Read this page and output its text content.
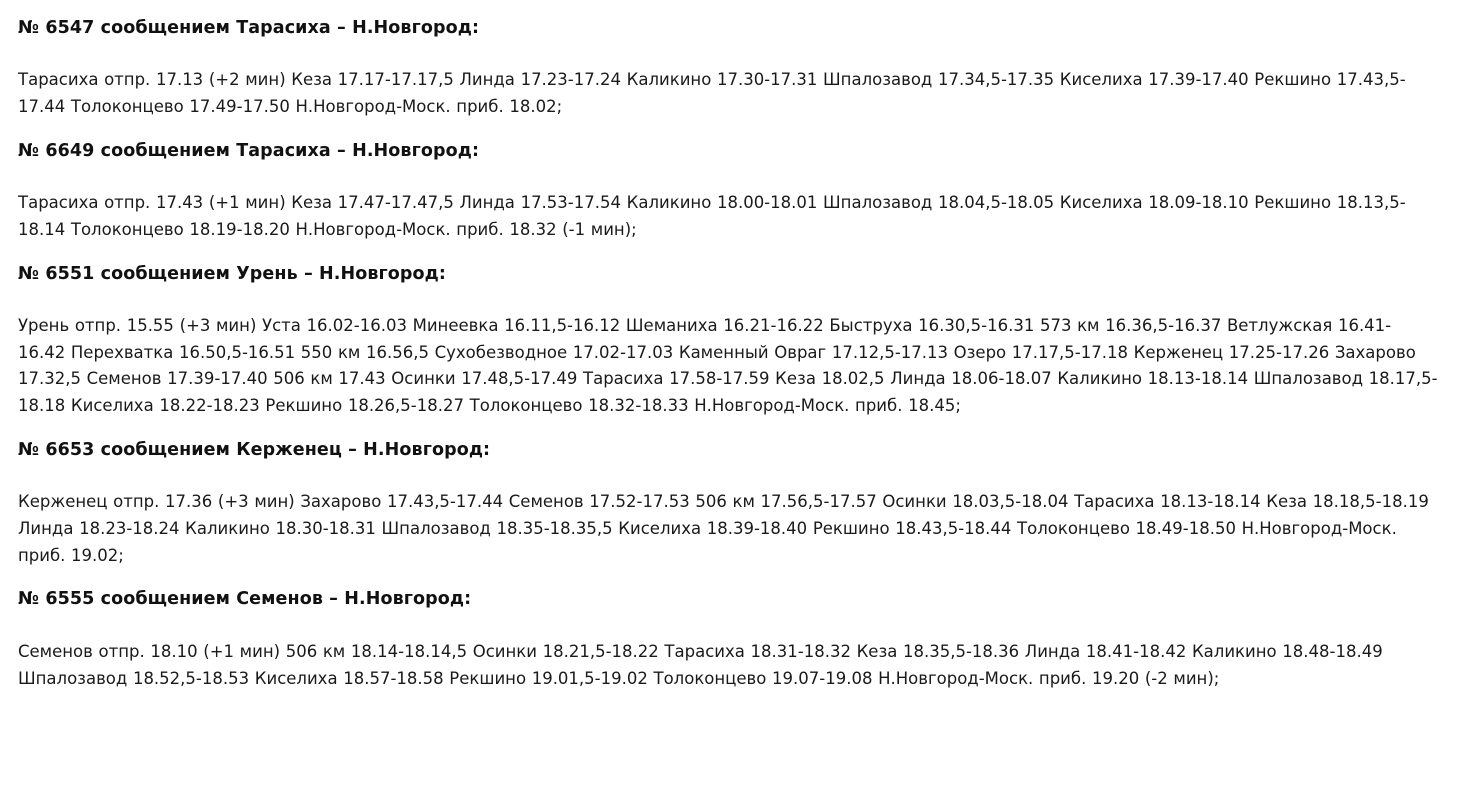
№ 6547 сообщением Тарасиха – Н.Новгород:

Тарасиха отпр. 17.13 (+2 мин) Кеза 17.17-17.17,5 Линда 17.23-17.24 Каликино 17.30-17.31 Шпалозавод 17.34,5-17.35 Киселиха 17.39-17.40 Рекшино 17.43,5-17.44 Толоконцево 17.49-17.50 Н.Новгород-Моск. приб. 18.02;

№ 6649 сообщением Тарасиха – Н.Новгород:

Тарасиха отпр. 17.43 (+1 мин) Кеза 17.47-17.47,5 Линда 17.53-17.54 Каликино 18.00-18.01 Шпалозавод 18.04,5-18.05 Киселиха 18.09-18.10 Рекшино 18.13,5-18.14 Толоконцево 18.19-18.20 Н.Новгород-Моск. приб. 18.32 (-1 мин);

№ 6551 сообщением Урень – Н.Новгород:

Урень отпр. 15.55 (+3 мин) Уста 16.02-16.03 Минеевка 16.11,5-16.12 Шеманиха 16.21-16.22 Быструха 16.30,5-16.31 573 км 16.36,5-16.37 Ветлужская 16.41-16.42 Перехватка 16.50,5-16.51 550 км 16.56,5 Сухобезводное 17.02-17.03 Каменный Овраг 17.12,5-17.13 Озеро 17.17,5-17.18 Керженец 17.25-17.26 Захарово 17.32,5 Семенов 17.39-17.40 506 км 17.43 Осинки 17.48,5-17.49 Тарасиха 17.58-17.59 Кеза 18.02,5 Линда 18.06-18.07 Каликино 18.13-18.14 Шпалозавод 18.17,5-18.18 Киселиха 18.22-18.23 Рекшино 18.26,5-18.27 Толоконцево 18.32-18.33 Н.Новгород-Моск. приб. 18.45;

№ 6653 сообщением Керженец – Н.Новгород:

Керженец отпр. 17.36 (+3 мин) Захарово 17.43,5-17.44 Семенов 17.52-17.53 506 км 17.56,5-17.57 Осинки 18.03,5-18.04 Тарасиха 18.13-18.14 Кеза 18.18,5-18.19 Линда 18.23-18.24 Каликино 18.30-18.31 Шпалозавод 18.35-18.35,5 Киселиха 18.39-18.40 Рекшино 18.43,5-18.44 Толоконцево 18.49-18.50 Н.Новгород-Моск. приб. 19.02;

№ 6555 сообщением Семенов – Н.Новгород:

Семенов отпр. 18.10 (+1 мин) 506 км 18.14-18.14,5 Осинки 18.21,5-18.22 Тарасиха 18.31-18.32 Кеза 18.35,5-18.36 Линда 18.41-18.42 Каликино 18.48-18.49 Шпалозавод 18.52,5-18.53 Киселиха 18.57-18.58 Рекшино 19.01,5-19.02 Толоконцево 19.07-19.08 Н.Новгород-Моск. приб. 19.20 (-2 мин);
